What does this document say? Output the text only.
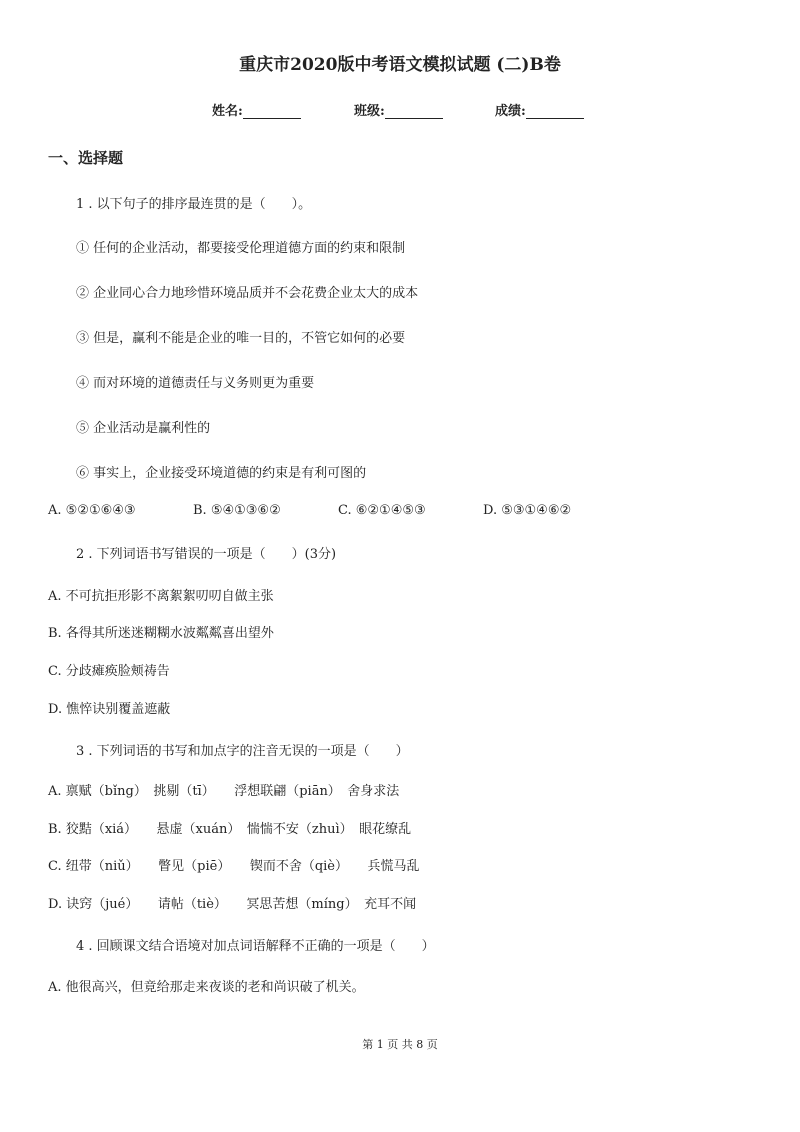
重庆市2020版中考语文模拟试题 (二)B卷
姓名:	班级:	成绩:
一、选择题
1 . 以下句子的排序最连贯的是（　　）。
① 任何的企业活动，都要接受伦理道德方面的约束和限制
② 企业同心合力地珍惜环境品质并不会花费企业太大的成本
③ 但是，赢利不能是企业的唯一目的，不管它如何的必要
④ 而对环境的道德责任与义务则更为重要
⑤ 企业活动是赢利性的
⑥ 事实上，企业接受环境道德的约束是有利可图的
A. ⑤②①⑥④③	B. ⑤④①③⑥②	C. ⑥②①④⑤③	D. ⑤③①④⑥②
2 . 下列词语书写错误的一项是（　　）(3分)
A. 不可抗拒形影不离絮絮叨叨自做主张
B. 各得其所迷迷糊糊水波粼粼喜出望外
C. 分歧瘫痪脸颊祷告
D. 憔悴诀别覆盖遮蔽
3 . 下列词语的书写和加点字的注音无误的一项是（　　）
A. 禀赋（bǐng）　挑剔（tī）　　浮想联翩（piān）　舍身求法
B. 狡黠（xiá）　　悬虚（xuán）　惴惴不安（zhuì）　眼花缭乱
C. 纽带（niǔ）　　瞥见（piē）　　锲而不舍（qiè）　　兵慌马乱
D. 诀窍（jué）　　请帖（tiè）　　冥思苦想（míng）　充耳不闻
4 . 回顾课文结合语境对加点词语解释不正确的一项是（　　）
A. 他很高兴，但竟给那走来夜谈的老和尚识破了机关。
第 1 页 共 8 页
